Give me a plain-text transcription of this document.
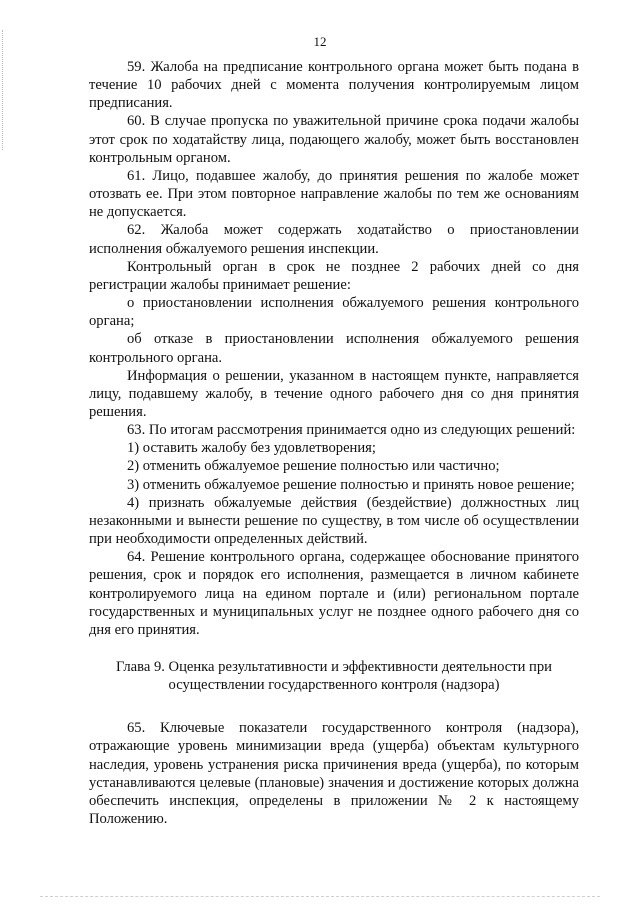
12

59. Жалоба на предписание контрольного органа может быть подана в течение 10 рабочих дней с момента получения контролируемым лицом предписания.

60. В случае пропуска по уважительной причине срока подачи жалобы этот срок по ходатайству лица, подающего жалобу, может быть восстановлен контрольным органом.

61. Лицо, подавшее жалобу, до принятия решения по жалобе может отозвать ее. При этом повторное направление жалобы по тем же основаниям не допускается.

62. Жалоба может содержать ходатайство о приостановлении исполнения обжалуемого решения инспекции.

Контрольный орган в срок не позднее 2 рабочих дней со дня регистрации жалобы принимает решение:

о приостановлении исполнения обжалуемого решения контрольного органа;

об отказе в приостановлении исполнения обжалуемого решения контрольного органа.

Информация о решении, указанном в настоящем пункте, направляется лицу, подавшему жалобу, в течение одного рабочего дня со дня принятия решения.

63. По итогам рассмотрения принимается одно из следующих решений:

1) оставить жалобу без удовлетворения;

2) отменить обжалуемое решение полностью или частично;

3) отменить обжалуемое решение полностью и принять новое решение;

4) признать обжалуемые действия (бездействие) должностных лиц незаконными и вынести решение по существу, в том числе об осуществлении при необходимости определенных действий.

64. Решение контрольного органа, содержащее обоснование принятого решения, срок и порядок его исполнения, размещается в личном кабинете контролируемого лица на едином портале и (или) региональном портале государственных и муниципальных услуг не позднее одного рабочего дня со дня его принятия.

Глава 9. Оценка результативности и эффективности деятельности при
осуществлении государственного контроля (надзора)

65. Ключевые показатели государственного контроля (надзора), отражающие уровень минимизации вреда (ущерба) объектам культурного наследия, уровень устранения риска причинения вреда (ущерба), по которым устанавливаются целевые (плановые) значения и достижение которых должна обеспечить инспекция, определены в приложении № 2 к настоящему Положению.
